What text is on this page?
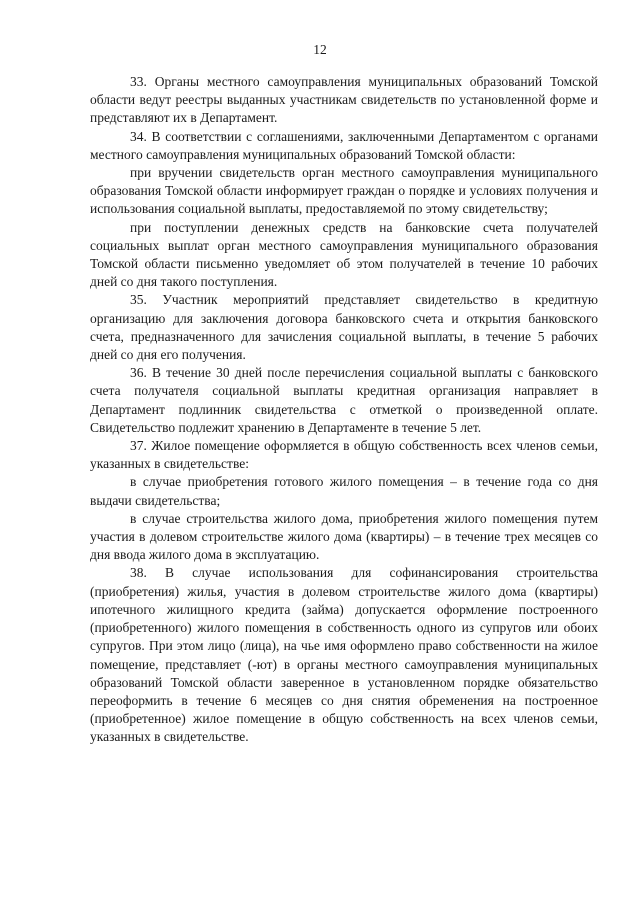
12

33. Органы местного самоуправления муниципальных образований Томской области ведут реестры выданных участникам свидетельств по установленной форме и представляют их в Департамент.

34. В соответствии с соглашениями, заключенными Департаментом с органами местного самоуправления муниципальных образований Томской области:

при вручении свидетельств орган местного самоуправления муниципального образования Томской области информирует граждан о порядке и условиях получения и использования социальной выплаты, предоставляемой по этому свидетельству;

при поступлении денежных средств на банковские счета получателей социальных выплат орган местного самоуправления муниципального образования Томской области письменно уведомляет об этом получателей в течение 10 рабочих дней со дня такого поступления.

35. Участник мероприятий представляет свидетельство в кредитную организацию для заключения договора банковского счета и открытия банковского счета, предназначенного для зачисления социальной выплаты, в течение 5 рабочих дней со дня его получения.

36. В течение 30 дней после перечисления социальной выплаты с банковского счета получателя социальной выплаты кредитная организация направляет в Департамент подлинник свидетельства с отметкой о произведенной оплате. Свидетельство подлежит хранению в Департаменте в течение 5 лет.

37. Жилое помещение оформляется в общую собственность всех членов семьи, указанных в свидетельстве:

в случае приобретения готового жилого помещения – в течение года со дня выдачи свидетельства;

в случае строительства жилого дома, приобретения жилого помещения путем участия в долевом строительстве жилого дома (квартиры) – в течение трех месяцев со дня ввода жилого дома в эксплуатацию.

38. В случае использования для софинансирования строительства (приобретения) жилья, участия в долевом строительстве жилого дома (квартиры) ипотечного жилищного кредита (займа) допускается оформление построенного (приобретенного) жилого помещения в собственность одного из супругов или обоих супругов. При этом лицо (лица), на чье имя оформлено право собственности на жилое помещение, представляет (-ют) в органы местного самоуправления муниципальных образований Томской области заверенное в установленном порядке обязательство переоформить в течение 6 месяцев со дня снятия обременения на построенное (приобретенное) жилое помещение в общую собственность на всех членов семьи, указанных в свидетельстве.
